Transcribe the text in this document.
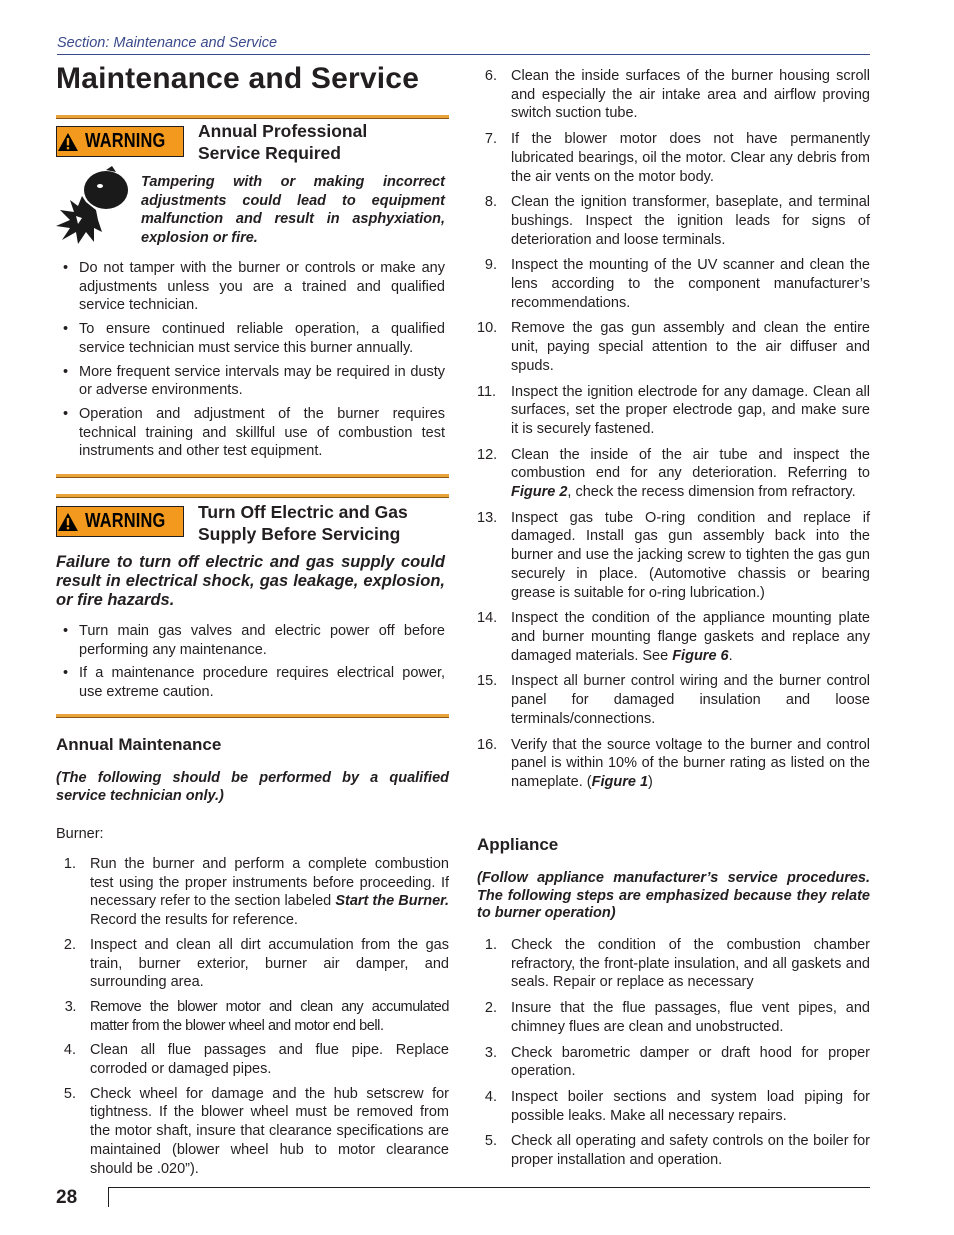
Section: Maintenance and Service
Maintenance and Service
WARNING Annual Professional
Service Required
Tampering with or making incorrect adjustments could lead to equipment malfunction and result in asphyxiation, explosion or fire.
• Do not tamper with the burner or controls or make any adjustments unless you are a trained and qualified service technician.
• To ensure continued reliable operation, a qualified service technician must service this burner annually.
• More frequent service intervals may be required in dusty or adverse environments.
• Operation and adjustment of the burner requires technical training and skillful use of combustion test instruments and other test equipment.
WARNING Turn Off Electric and Gas
Supply Before Servicing
Failure to turn off electric and gas supply could result in electrical shock, gas leakage, explosion, or fire hazards.
• Turn main gas valves and electric power off before performing any maintenance.
• If a maintenance procedure requires electrical power, use extreme caution.
Annual Maintenance
(The following should be performed by a qualified service technician only.)
Burner:
1. Run the burner and perform a complete combustion test using the proper instruments before proceeding. If necessary refer to the section labeled Start the Burner. Record the results for reference.
2. Inspect and clean all dirt accumulation from the gas train, burner exterior, burner air damper, and surrounding area.
3. Remove the blower motor and clean any accumulated matter from the blower wheel and motor end bell.
4. Clean all flue passages and flue pipe. Replace corroded or damaged pipes.
5. Check wheel for damage and the hub setscrew for tightness. If the blower wheel must be removed from the motor shaft, insure that clearance specifications are maintained (blower wheel hub to motor clearance should be .020”).
6. Clean the inside surfaces of the burner housing scroll and especially the air intake area and airflow proving switch suction tube.
7. If the blower motor does not have permanently lubricated bearings, oil the motor. Clear any debris from the air vents on the motor body.
8. Clean the ignition transformer, baseplate, and terminal bushings. Inspect the ignition leads for signs of deterioration and loose terminals.
9. Inspect the mounting of the UV scanner and clean the lens according to the component manufacturer’s recommendations.
10. Remove the gas gun assembly and clean the entire unit, paying special attention to the air diffuser and spuds.
11. Inspect the ignition electrode for any damage. Clean all surfaces, set the proper electrode gap, and make sure it is securely fastened.
12. Clean the inside of the air tube and inspect the combustion end for any deterioration. Referring to Figure 2, check the recess dimension from refractory.
13. Inspect gas tube O-ring condition and replace if damaged. Install gas gun assembly back into the burner and use the jacking screw to tighten the gas gun securely in place. (Automotive chassis or bearing grease is suitable for o-ring lubrication.)
14. Inspect the condition of the appliance mounting plate and burner mounting flange gaskets and replace any damaged materials. See Figure 6.
15. Inspect all burner control wiring and the burner control panel for damaged insulation and loose terminals/connections.
16. Verify that the source voltage to the burner and control panel is within 10% of the burner rating as listed on the nameplate. (Figure 1)
Appliance
(Follow appliance manufacturer’s service procedures. The following steps are emphasized because they relate to burner operation)
1. Check the condition of the combustion chamber refractory, the front-plate insulation, and all gaskets and seals. Repair or replace as necessary
2. Insure that the flue passages, flue vent pipes, and chimney flues are clean and unobstructed.
3. Check barometric damper or draft hood for proper operation.
4. Inspect boiler sections and system load piping for possible leaks. Make all necessary repairs.
5. Check all operating and safety controls on the boiler for proper installation and operation.
28
